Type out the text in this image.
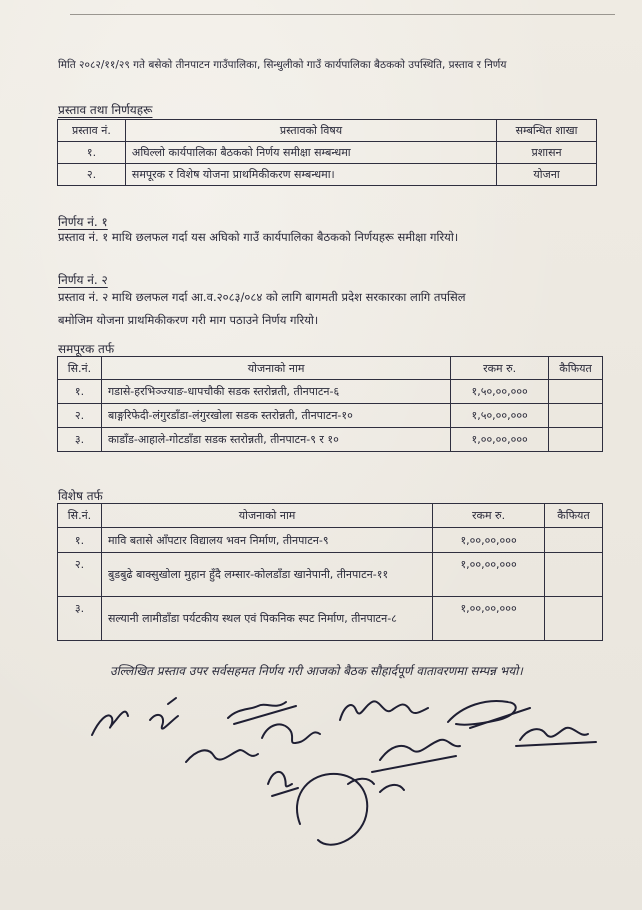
मिति २०८२/११/२९ गते बसेको तीनपाटन गाउँपालिका, सिन्धुलीको गाउँ कार्यपालिका बैठकको उपस्थिति, प्रस्ताव र निर्णय
प्रस्ताव तथा निर्णयहरू
प्रस्ताव नं.	प्रस्तावको विषय	सम्बन्धित शाखा
१.	अघिल्लो कार्यपालिका बैठकको निर्णय समीक्षा सम्बन्धमा	प्रशासन
२.	समपूरक र विशेष योजना प्राथमिकीकरण सम्बन्धमा।	योजना
निर्णय नं. १
प्रस्ताव नं. १ माथि छलफल गर्दा यस अघिको गाउँ कार्यपालिका बैठकको निर्णयहरू समीक्षा गरियो।
निर्णय नं. २
प्रस्ताव नं. २ माथि छलफल गर्दा आ.व.२०८३/०८४ को लागि बागमती प्रदेश सरकारका लागि तपसिल
बमोजिम योजना प्राथमिकीकरण गरी माग पठाउने निर्णय गरियो।
समपूरक तर्फ
सि.नं.	योजनाको नाम	रकम रु.	कैफियत
१.	गडासे-हरभिञ्ज्याङ-धापचौकी सडक स्तरोन्नती, तीनपाटन-६	१,५०,००,०००	
२.	बाङ्गरिफेदी-लंगुरडाँडा-लंगुरखोला सडक स्तरोन्नती, तीनपाटन-१०	१,५०,००,०००	
३.	काडाँड-आहाले-गोटडाँडा सडक स्तरोन्नती, तीनपाटन-९ र १०	१,००,००,०००	
विशेष तर्फ
सि.नं.	योजनाको नाम	रकम रु.	कैफियत
१.	मावि बतासे आँपटार विद्यालय भवन निर्माण, तीनपाटन-९	१,००,००,०००	
२.	बुडबुढे बाक्सुखोला मुहान हुँदै लम्सार-कोलडाँडा खानेपानी, तीनपाटन-११	१,००,००,०००	
३.	सल्यानी लामीडाँडा पर्यटकीय स्थल एवं पिकनिक स्पट निर्माण, तीनपाटन-८	१,००,००,०००	
उल्लिखित प्रस्ताव उपर सर्वसहमत निर्णय गरी आजको बैठक सौहार्दपूर्ण वातावरणमा सम्पन्न भयो।
